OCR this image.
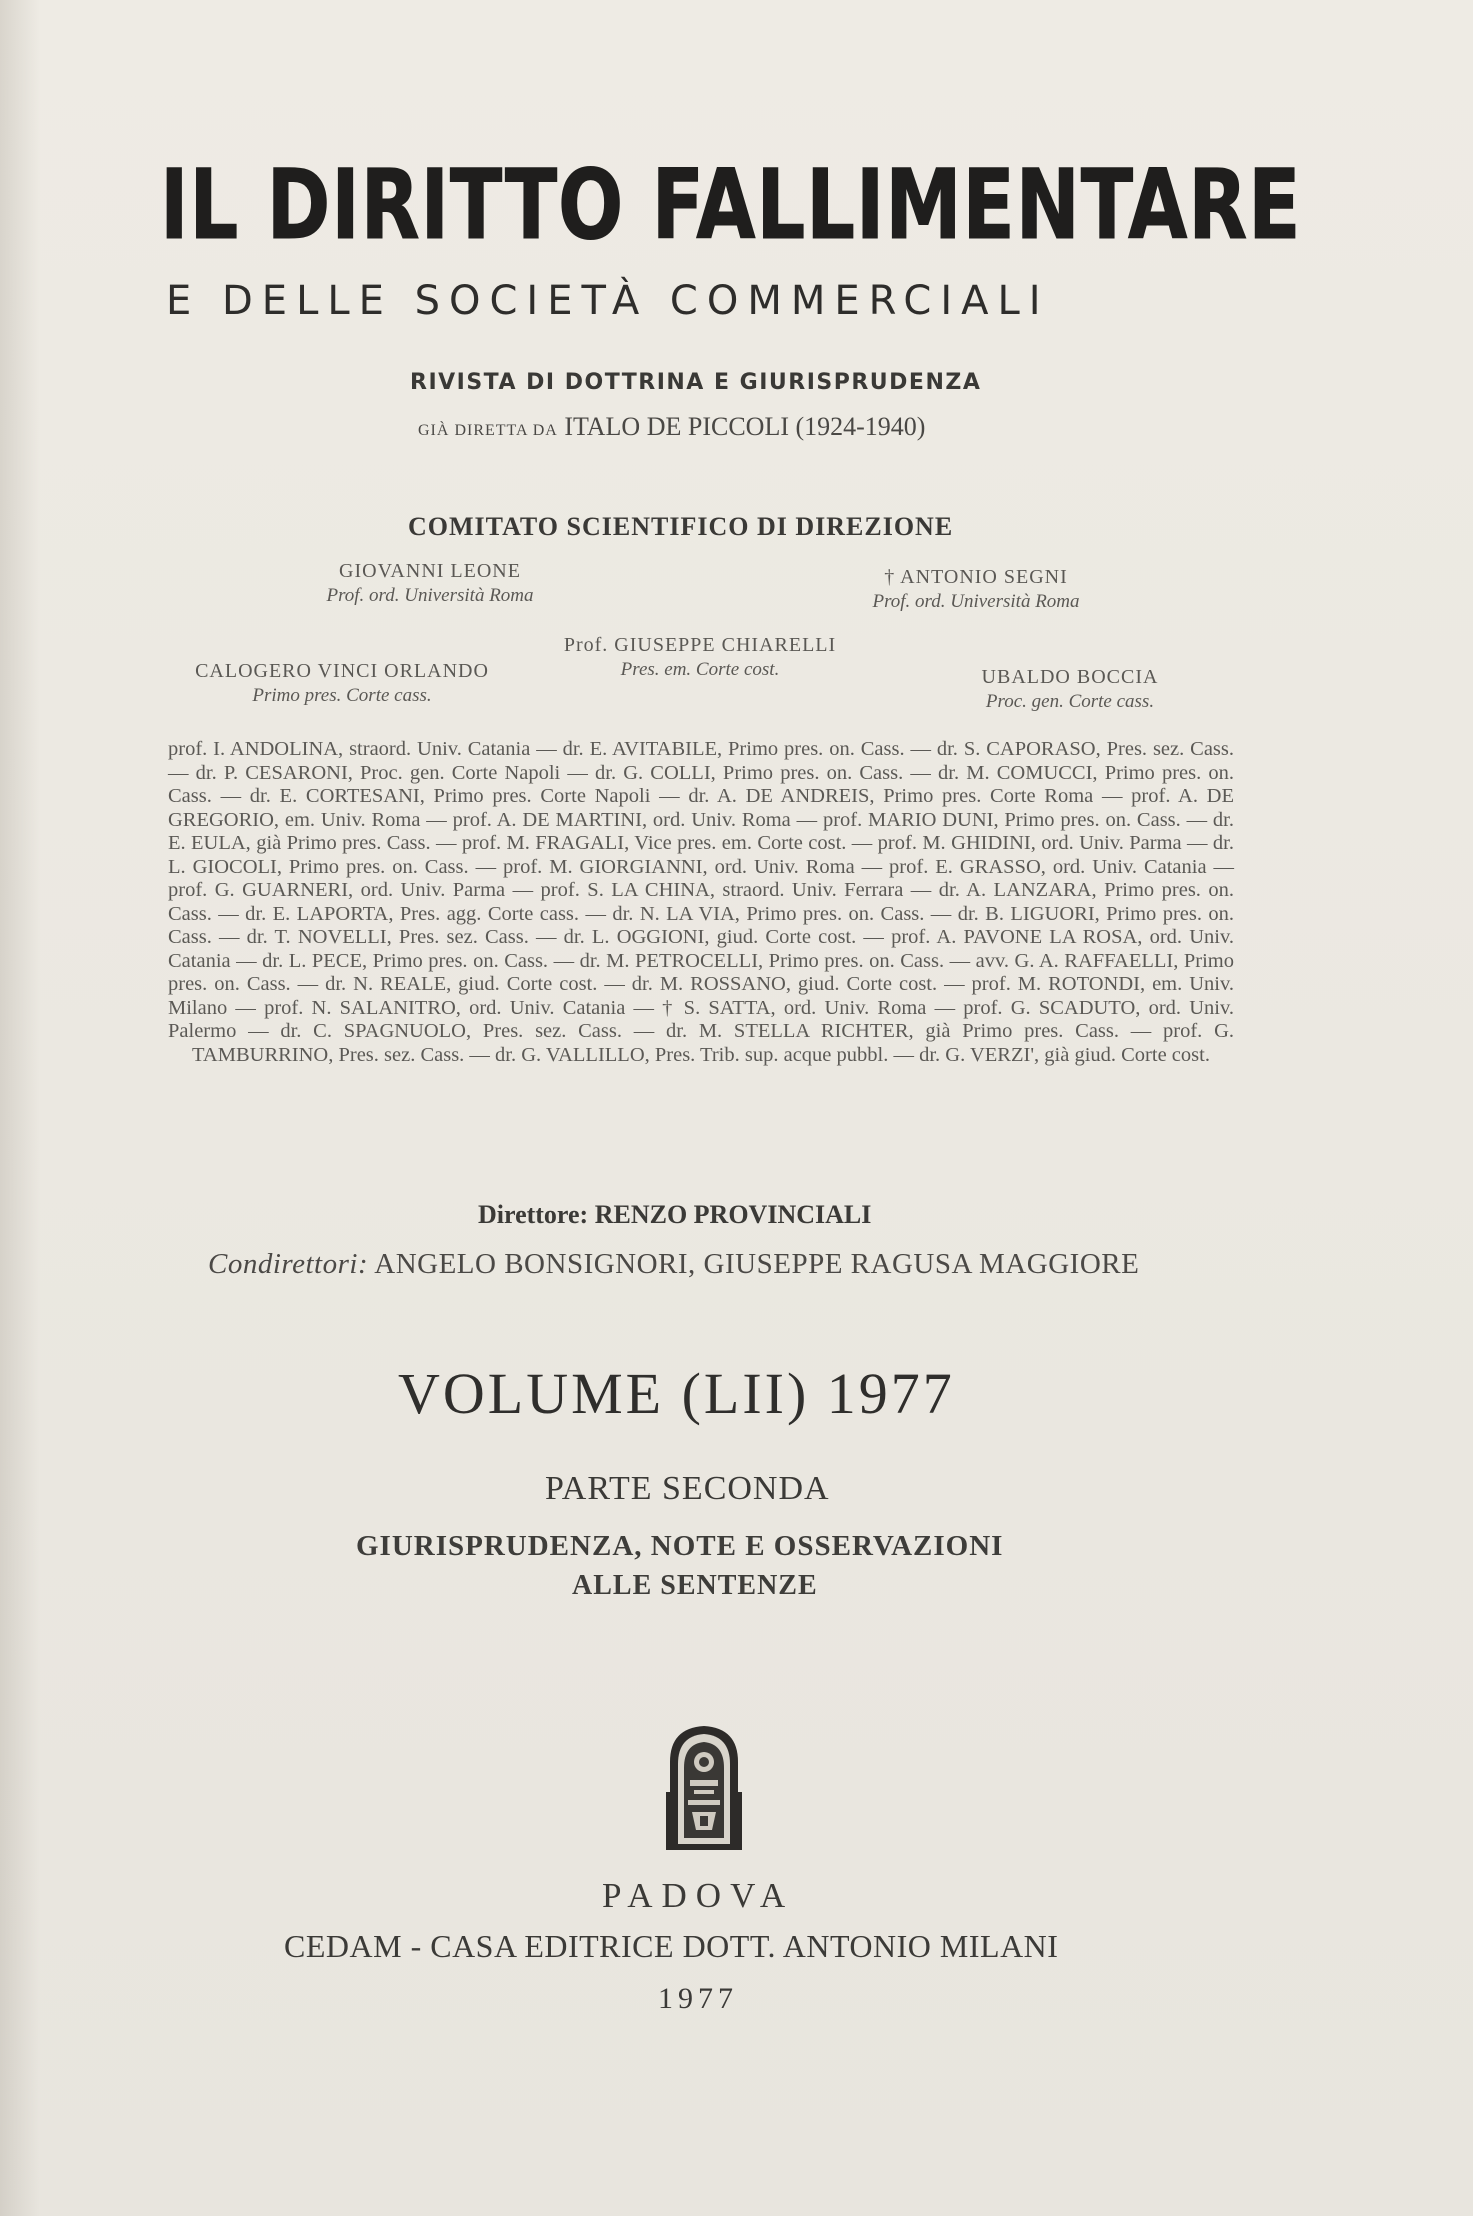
IL DIRITTO FALLIMENTARE
E DELLE SOCIETÀ COMMERCIALI
RIVISTA DI DOTTRINA E GIURISPRUDENZA
GIÀ DIRETTA DA ITALO DE PICCOLI (1924-1940)
COMITATO SCIENTIFICO DI DIREZIONE
GIOVANNI LEONE
Prof. ord. Università Roma
† ANTONIO SEGNI
Prof. ord. Università Roma
Prof. GIUSEPPE CHIARELLI
Pres. em. Corte cost.
CALOGERO VINCI ORLANDO
Primo pres. Corte cass.
UBALDO BOCCIA
Proc. gen. Corte cass.
prof. I. ANDOLINA, straord. Univ. Catania — dr. E. AVITABILE, Primo pres. on. Cass. — dr. S. CAPORASO, Pres. sez. Cass. — dr. P. CESARONI, Proc. gen. Corte Napoli — dr. G. COLLI, Primo pres. on. Cass. — dr. M. COMUCCI, Primo pres. on. Cass. — dr. E. CORTESANI, Primo pres. Corte Napoli — dr. A. DE ANDREIS, Primo pres. Corte Roma — prof. A. DE GREGORIO, em. Univ. Roma — prof. A. DE MARTINI, ord. Univ. Roma — prof. MARIO DUNI, Primo pres. on. Cass. — dr. E. EULA, già Primo pres. Cass. — prof. M. FRAGALI, Vice pres. em. Corte cost. — prof. M. GHIDINI, ord. Univ. Parma — dr. L. GIOCOLI, Primo pres. on. Cass. — prof. M. GIORGIANNI, ord. Univ. Roma — prof. E. GRASSO, ord. Univ. Catania — prof. G. GUARNERI, ord. Univ. Parma — prof. S. LA CHINA, straord. Univ. Ferrara — dr. A. LANZARA, Primo pres. on. Cass. — dr. E. LAPORTA, Pres. agg. Corte cass. — dr. N. LA VIA, Primo pres. on. Cass. — dr. B. LIGUORI, Primo pres. on. Cass. — dr. T. NOVELLI, Pres. sez. Cass. — dr. L. OGGIONI, giud. Corte cost. — prof. A. PAVONE LA ROSA, ord. Univ. Catania — dr. L. PECE, Primo pres. on. Cass. — dr. M. PETROCELLI, Primo pres. on. Cass. — avv. G. A. RAFFAELLI, Primo pres. on. Cass. — dr. N. REALE, giud. Corte cost. — dr. M. ROSSANO, giud. Corte cost. — prof. M. ROTONDI, em. Univ. Milano — prof. N. SALANITRO, ord. Univ. Catania — † S. SATTA, ord. Univ. Roma — prof. G. SCADUTO, ord. Univ. Palermo — dr. C. SPAGNUOLO, Pres. sez. Cass. — dr. M. STELLA RICHTER, già Primo pres. Cass. — prof. G. TAMBURRINO, Pres. sez. Cass. — dr. G. VALLILLO, Pres. Trib. sup. acque pubbl. — dr. G. VERZI', già giud. Corte cost.
Direttore: RENZO PROVINCIALI
Condirettori: ANGELO BONSIGNORI, GIUSEPPE RAGUSA MAGGIORE
VOLUME (LII) 1977
PARTE SECONDA
GIURISPRUDENZA, NOTE E OSSERVAZIONI
ALLE SENTENZE
PADOVA
CEDAM - CASA EDITRICE DOTT. ANTONIO MILANI
1977
